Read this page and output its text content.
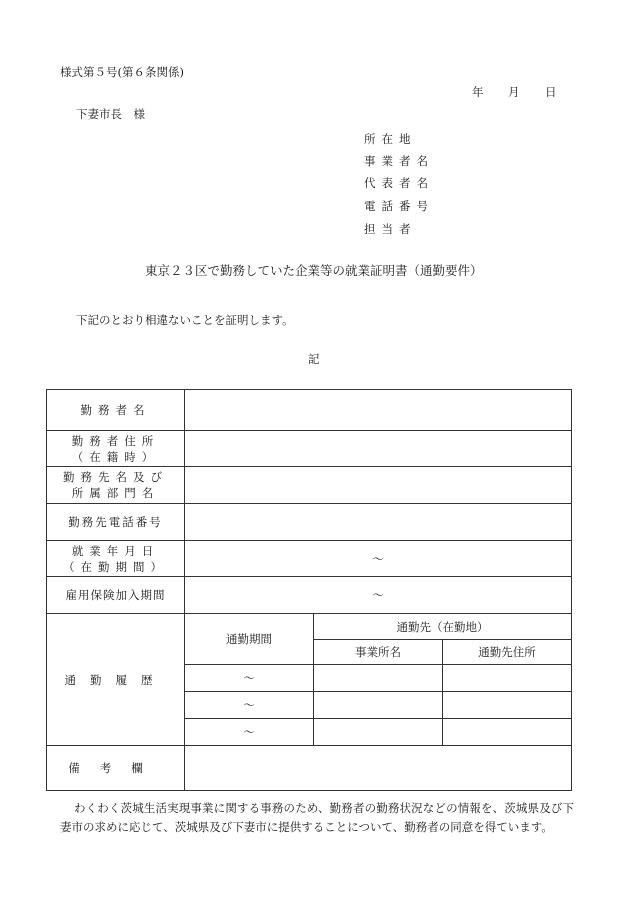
様式第５号(第６条関係)
年 月 日
下妻市長　様
所在地
事業者名
代表者名
電話番号
担当者
東京２３区で勤務していた企業等の就業証明書（通勤要件）
下記のとおり相違ないことを証明します。
記
勤務者名			

勤務者住所
（在籍時）			

勤務先名及び
所属部門名			

勤務先電話番号			

就業年月日
（在勤期間）	～		
雇用保険加入期間	～		
通勤履歴	通勤期間	通勤先（在勤地）	
		事業所名	通勤先住所
	～		
	～		
	～		
備考欄			
わくわく茨城生活実現事業に関する事務のため、勤務者の勤務状況などの情報を、茨城県及び下妻市の求めに応じて、茨城県及び下妻市に提供することについて、勤務者の同意を得ています。
